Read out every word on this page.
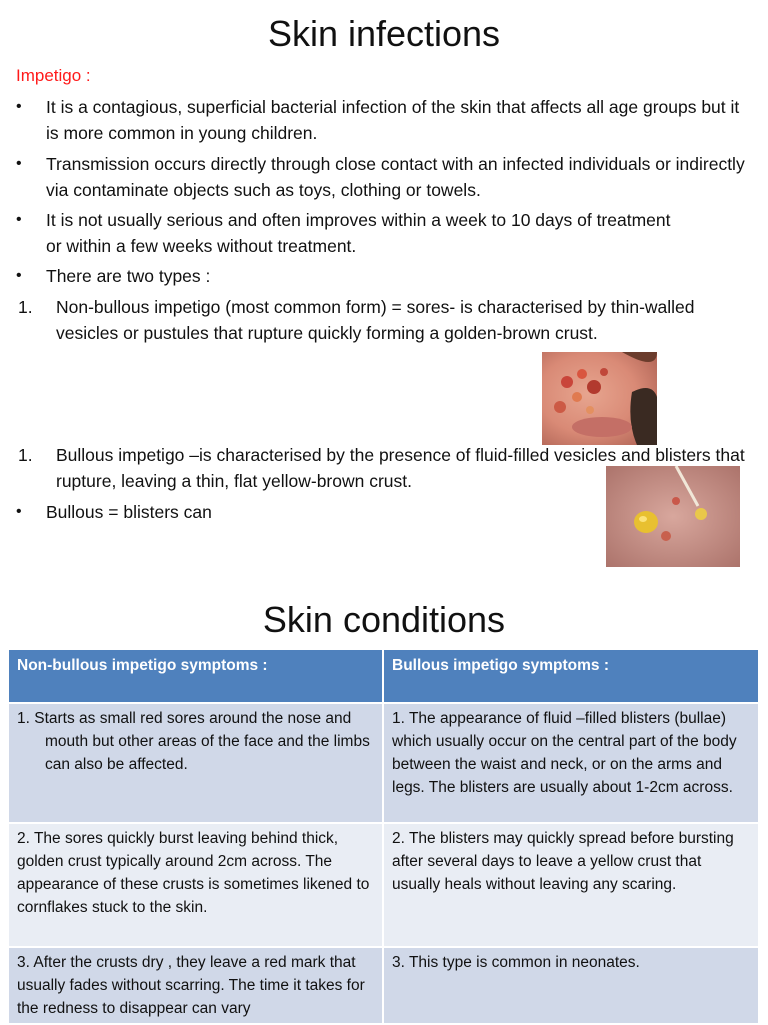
Skin infections
Impetigo :
• It is a contagious, superficial bacterial infection of the skin that affects all age groups but it is more common in young children.
• Transmission occurs directly through close contact with an infected individuals or indirectly via contaminate objects such as toys, clothing or towels.
• It is not usually serious and often improves within a week to 10 days of treatment or within a few weeks without treatment.
• There are two types :
1. Non-bullous impetigo (most common form) = sores- is characterised by thin-walled vesicles or pustules that rupture quickly forming a golden-brown crust.
1. Bullous impetigo –is characterised by the presence of fluid-filled vesicles and blisters that rupture, leaving a thin, flat yellow-brown crust.
• Bullous = blisters can
Skin conditions
Non-bullous impetigo symptoms :	Bullous impetigo symptoms :
1. Starts as small red sores around the nose and mouth but other areas of the face and the limbs can also be affected.	1. The appearance of fluid –filled blisters (bullae) which usually occur on the central part of the body between the waist and neck, or on the arms and legs. The blisters are usually about 1-2cm across.
2. The sores quickly burst leaving behind thick, golden crust typically around 2cm across. The appearance of these crusts is sometimes likened to cornflakes stuck to the skin.	2. The blisters may quickly spread before bursting after several days to leave a yellow crust that usually heals without leaving any scaring.
3. After the crusts dry , they leave a red mark that usually fades without scarring. The time it takes for the redness to disappear can vary	3. This type is common in neonates.
